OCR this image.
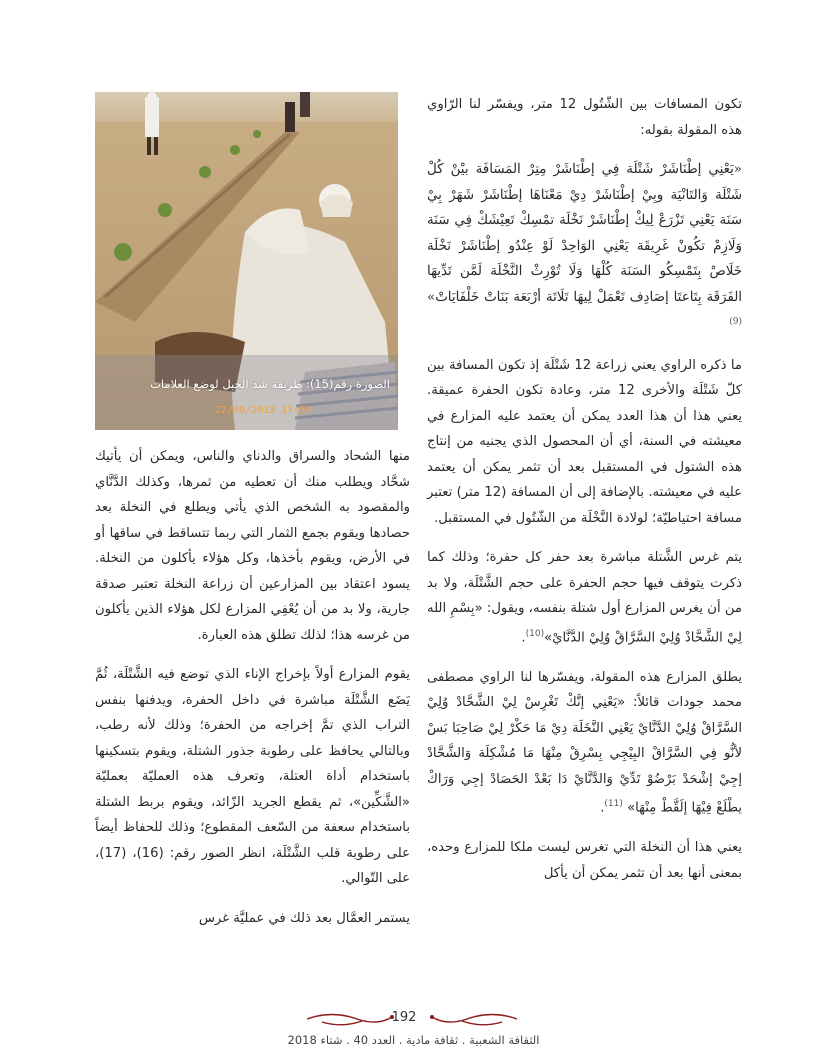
تكون المسافات بين الشّتُول 12 متر، ويفسّر لنا الرّاوي هذه المقولة بقوله:

«يَعْنِي إطْنَاشَرْ شَتْلَة فِي إطْنَاشَرْ مِتِرْ المَسَافَة بيْنْ كُلْ شَتْلَة وَالتَانْيَة وبِيْ إطْنَاشَرْ دِيْ مَعْنَاهَا إطْنَاشَرْ شَهَرْ بِيْ سَنَة يَعْنِي تَزْرَعْ لِيكْ إطْنَاشَرْ نَخْلَة تمْسِكْ تَعِيْشَكْ فِي سَنَة وَلَازِمْ تكُونْ غَرِيقَة يَعْنِي الوَاحِدْ لَوْ عِنْدُو إطْنَاشَرْ نَخْلَة خَلَاصْ بِتَمْسِكُو السَنَة كُلْهَا وَلَا تُوْرِثْ النَّخْلَة لَمَّن تَدِّيهَا الفَرَقَة بِتَاعتَا إصَادِف تَعْمَلْ لِيهَا تَلَاتَة أرْبَعَة بَنَاتْ خَلْفَايَاتْ» $^{(9)}$

ما ذكره الراوي يعني زراعة 12 شَتْلَة إذ تكون المسافة بين كلّ شَتْلَة والأخرى 12 متر، وعادة تكون الحفرة عميقة. يعني هذا أن هذا العدد يمكن أن يعتمد عليه المزارع في معيشته في السنة، أي أن المحصول الذي يجنيه من إنتاج هذه الشتول في المستقبل بعد أن تثمر يمكن أن يعتمد عليه في معيشته. بالإضافة إلى أن المسافة (12 متر) تعتبر مسافة احتياطيّة؛ لولادة النَّخْلَة من الشّتُول في المستقبل.

يتم غرس الشَّتلة مباشرة بعد حفر كل حفرة؛ وذلك كما ذكرت يتوقف فيها حجم الحفرة على حجم الشَّتْلَة، ولا بد من أن يغرس المزارع أول شتلة بنفسه، ويقول: «بِسْمِ الله لِيْ الشَّحَّادْ وُلِيْ السَّرَّاقْ وُلِيْ الدَّنَّايْ»$^{(10)}$.

يطلق المزارع هذه المقولة، ويفسّرها لنا الراوي مصطفى محمد جودات قائلاً: «يَعْنِي إنَّكْ تَغْرِسْ لِيْ الشَّحَّادْ وُلِيْ السَّرَّاقْ وُلِيْ الدَّنَّايْ يَعْنِي النَّخَلَة دِيْ مَا حَكْرْ لِيْ صَاحِبَا بَسْ لأنُّو فِي السَّرَّاقْ البِيْجِي بِسْرِقْ مِنْهَا مَا مُشْكِلَة وَالشَّحَّادْ إجِيْ إشْحَدْ بَرْضُوْ تَدِّيْ وَالدَّنَّايْ دَا بَعْدْ الحَصَادْ إجِي وَرَاكْ يطْلَعْ فِيْهَا إلَقَّطْ مِنْهَا» $^{(11)}$.

يعني هذا أن النخلة التي تغرس ليست ملكا للمزارع وحده، بمعنى أنها بعد أن تثمر يمكن أن يأكل

الصورة رقم(15): طريقة شد الحبل لوضع العلامات
22/09/2013 17:59

منها الشحاد والسراق والدناي والناس، ويمكن أن يأتيك شحَّاد ويطلب منك أن تعطيه من ثمرها، وكذلك الدَّنَّاي والمقصود به الشخص الذي يأتي ويطلع في النخلة بعد حصادها ويقوم بجمع الثمار التي ربما تتساقط في ساقها أو في الأرض، ويقوم بأخذها، وكل هؤلاء يأكلون من النخلة. يسود اعتقاد بين المزارعين أن زراعة النخلة تعتبر صدقة جارية، ولا بد من أن يُعْفِي المزارع لكل هؤلاء الذين يأكلون من غرسه هذا؛ لذلك تطلق هذه العبارة.

يقوم المزارع أولاً بإخراج الإناء الذي توضع فيه الشَّتْلَة، ثُمَّ يَضَع الشَّتْلَة مباشرة في داخل الحفرة، ويدفنها بنفس التراب الذي تمَّ إخراجه من الحفرة؛ وذلك لأنه رطب، وبالتالي يحافظ على رطوبة جذور الشتلة، ويقوم بتسكينها باستخدام أداة العتلة، وتعرف هذه العمليّة بعمليّة «الشَّكِّين»، ثم يقطع الجريد الزّائد، ويقوم بربط الشتلة باستخدام سعفة من السّعف المقطوع؛ وذلك للحفاظ أيضاً على رطوبة قلب الشَّتْلَة، انظر الصور رقم: (16)، (17)، على التّوالي.

يستمر العمَّال بعد ذلك في عمليَّة غرس

192
الثقافة الشعبية . ثقافة مادية . العدد 40 . شتاء 2018
